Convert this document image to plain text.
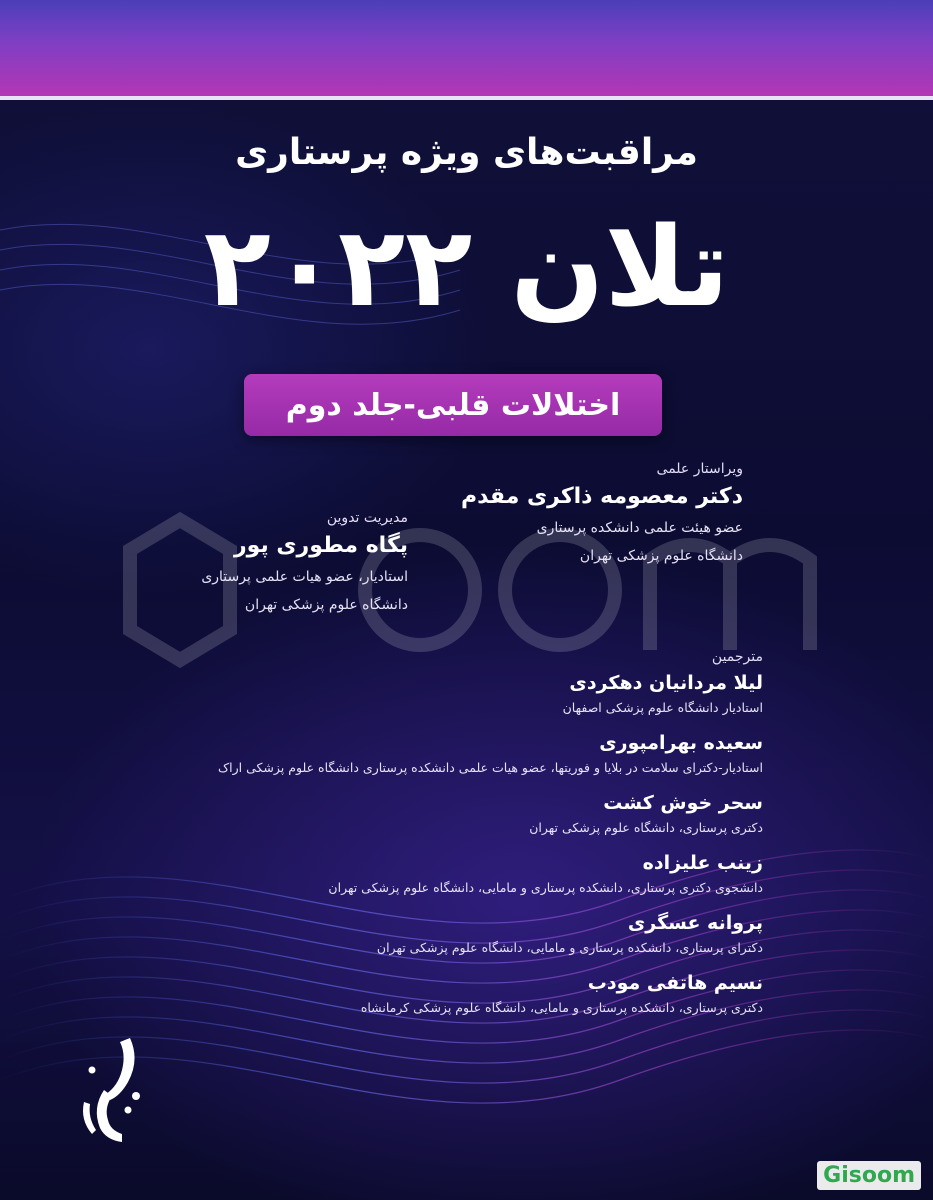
مراقبت‌های ویژه پرستاری
تلان ۲۰۲۲
اختلالات قلبی-جلد دوم
ویراستار علمی
دکتر معصومه ذاکری مقدم
عضو هیئت علمی دانشکده پرستاری
دانشگاه علوم پزشکی تهران
مدیریت تدوین
پگاه مطوری پور
استادیار، عضو هیات علمی پرستاری
دانشگاه علوم پزشکی تهران
مترجمین
لیلا مردانیان دهکردی
استادیار دانشگاه علوم پزشکی اصفهان
سعیده بهرامپوری
استادیار-دکترای سلامت در بلایا و فوریتها، عضو هیات علمی دانشکده پرستاری دانشگاه علوم پزشکی اراک
سحر خوش کشت
دکتری پرستاری، دانشگاه علوم پزشکی تهران
زینب علیزاده
دانشجوی دکتری پرستاری، دانشکده پرستاری و مامایی، دانشگاه علوم پزشکی تهران
پروانه عسگری
دکترای پرستاری، دانشکده پرستاری و مامایی، دانشگاه علوم پزشکی تهران
نسیم هاتفی مودب
دکتری پرستاری، دانشکده پرستاری و مامایی، دانشگاه علوم پزشکی کرمانشاه
Gisoom
